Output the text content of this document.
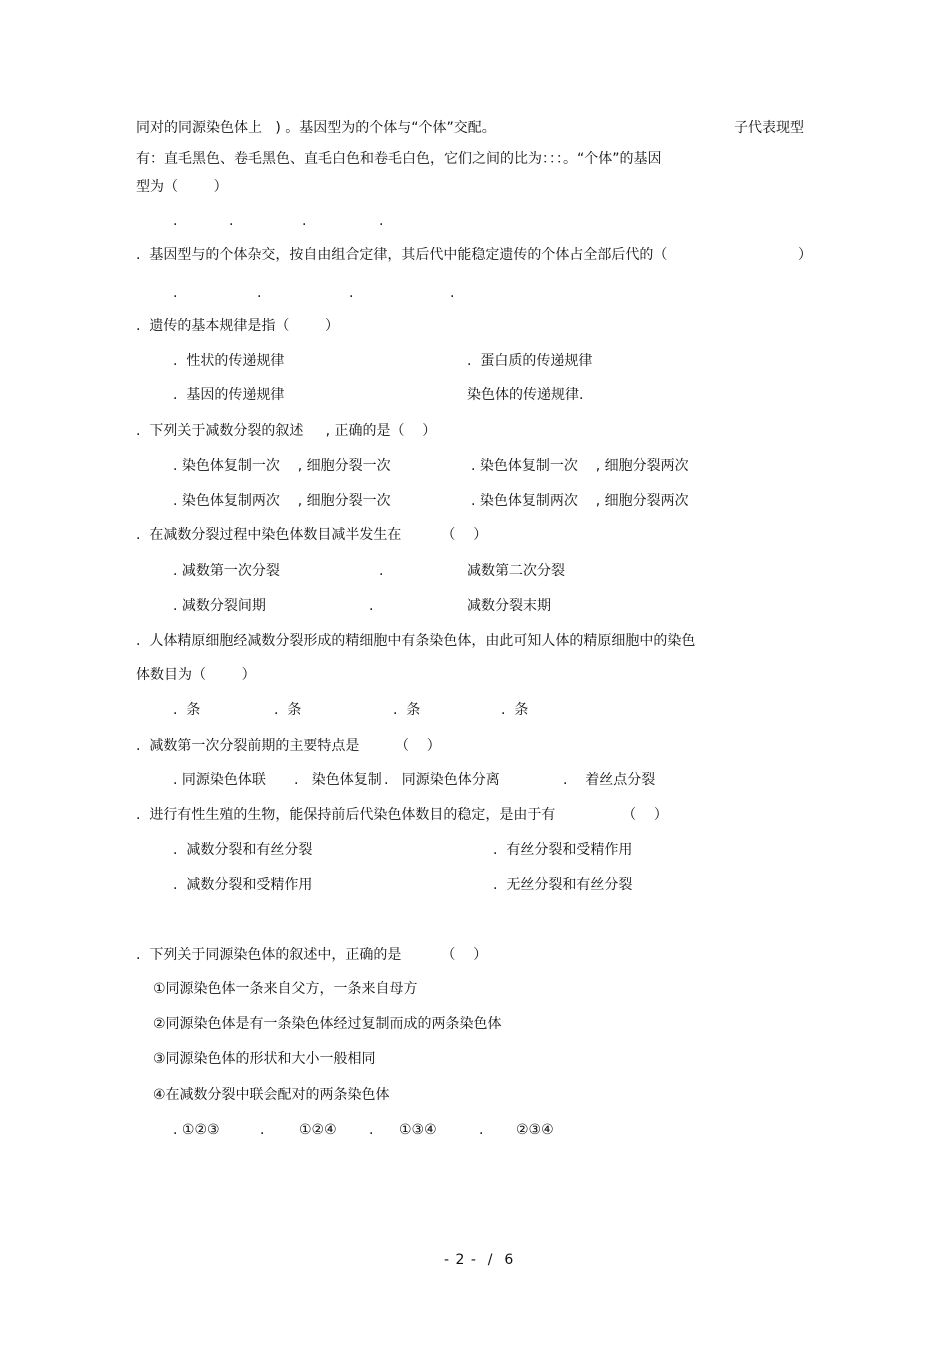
同对的同源染色体上   ) 。基因型为的个体与“个体”交配。	子代表现型
有：直毛黑色、卷毛黑色、直毛白色和卷毛白色，它们之间的比为：：：。“个体”的基因
型为（        ）
.	.	.	.
.  基因型与的个体杂交，按自由组合定律，其后代中能稳定遗传的个体占全部后代的（	）
.	.	.	.
.  遗传的基本规律是指（        ）
.  性状的传递规律	.  蛋白质的传递规律
.  基因的传递规律	染色体的传递规律.
.  下列关于减数分裂的叙述     , 正确的是（    ）
. 染色体复制一次    , 细胞分裂一次	. 染色体复制一次    , 细胞分裂两次
. 染色体复制两次    , 细胞分裂一次	. 染色体复制两次    , 细胞分裂两次
.  在减数分裂过程中染色体数目减半发生在         （    ）
. 减数第一次分裂	.	减数第二次分裂
. 减数分裂间期	.	减数分裂末期
.  人体精原细胞经减数分裂形成的精细胞中有条染色体，由此可知人体的精原细胞中的染色
体数目为（        ）
.  条	.  条	.  条	.  条
.  减数第一次分裂前期的主要特点是        （    ）
. 同源染色体联 .   染色体复制 .   同源染色体分离	.    着丝点分裂
.  进行有性生殖的生物，能保持前后代染色体数目的稳定，是由于有               （    ）
.  减数分裂和有丝分裂	.  有丝分裂和受精作用
.  减数分裂和受精作用	.  无丝分裂和有丝分裂
.  下列关于同源染色体的叙述中，正确的是         （    ）
①同源染色体一条来自父方，一条来自母方
②同源染色体是有一条染色体经过复制而成的两条染色体
③同源染色体的形状和大小一般相同
④在减数分裂中联会配对的两条染色体
. ①②③	. ①②④ . ①③④	. ②③④
- 2 -  /  6
